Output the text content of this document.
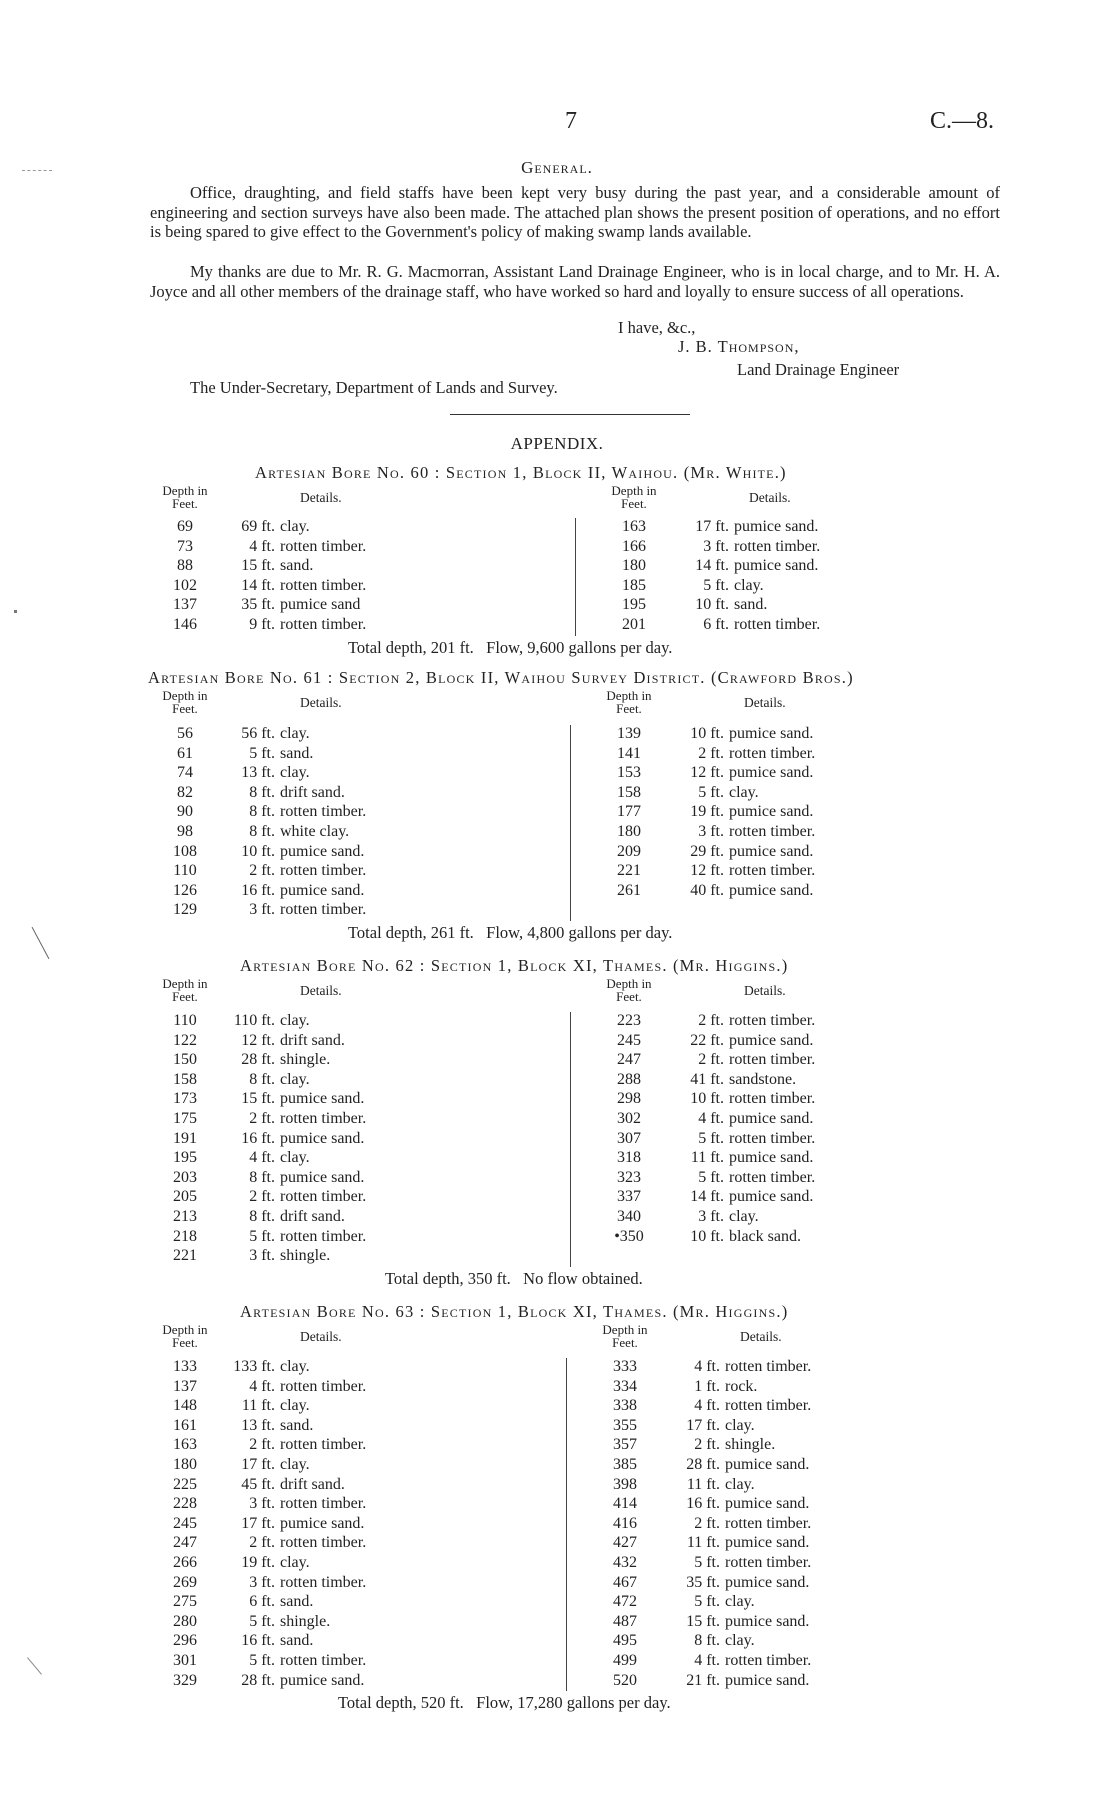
7	C.—8.
General.
Office, draughting, and field staffs have been kept very busy during the past year, and a considerable amount of engineering and section surveys have also been made. The attached plan shows the present position of operations, and no effort is being spared to give effect to the Government's policy of making swamp lands available.
My thanks are due to Mr. R. G. Macmorran, Assistant Land Drainage Engineer, who is in local charge, and to Mr. H. A. Joyce and all other members of the drainage staff, who have worked so hard and loyally to ensure success of all operations.
I have, &c.,
J. B. Thompson,
Land Drainage Engineer
The Under-Secretary, Department of Lands and Survey.
APPENDIX.
Artesian Bore No. 60 : Section 1, Block II, Waihou. (Mr. White.)
Depth in
Feet.	Details.	Depth in
Feet.	Details.
69	69 ft. clay.
73	4 ft. rotten timber.
88	15 ft. sand.
102	14 ft. rotten timber.
137	35 ft. pumice sand
146	9 ft. rotten timber.
163	17 ft. pumice sand.
166	3 ft. rotten timber.
180	14 ft. pumice sand.
185	5 ft. clay.
195	10 ft. sand.
201	6 ft. rotten timber.
Total depth, 201 ft.   Flow, 9,600 gallons per day.
Artesian Bore No. 61 : Section 2, Block II, Waihou Survey District. (Crawford Bros.)
Depth in
Feet.	Details.	Depth in
Feet.	Details.
56	56 ft. clay.
61	5 ft. sand.
74	13 ft. clay.
82	8 ft. drift sand.
90	8 ft. rotten timber.
98	8 ft. white clay.
108	10 ft. pumice sand.
110	2 ft. rotten timber.
126	16 ft. pumice sand.
129	3 ft. rotten timber.
139	10 ft. pumice sand.
141	2 ft. rotten timber.
153	12 ft. pumice sand.
158	5 ft. clay.
177	19 ft. pumice sand.
180	3 ft. rotten timber.
209	29 ft. pumice sand.
221	12 ft. rotten timber.
261	40 ft. pumice sand.
Total depth, 261 ft.   Flow, 4,800 gallons per day.
Artesian Bore No. 62 : Section 1, Block XI, Thames. (Mr. Higgins.)
Depth in
Feet.	Details.	Depth in
Feet.	Details.
110	110 ft. clay.
122	12 ft. drift sand.
150	28 ft. shingle.
158	8 ft. clay.
173	15 ft. pumice sand.
175	2 ft. rotten timber.
191	16 ft. pumice sand.
195	4 ft. clay.
203	8 ft. pumice sand.
205	2 ft. rotten timber.
213	8 ft. drift sand.
218	5 ft. rotten timber.
221	3 ft. shingle.
223	2 ft. rotten timber.
245	22 ft. pumice sand.
247	2 ft. rotten timber.
288	41 ft. sandstone.
298	10 ft. rotten timber.
302	4 ft. pumice sand.
307	5 ft. rotten timber.
318	11 ft. pumice sand.
323	5 ft. rotten timber.
337	14 ft. pumice sand.
340	3 ft. clay.
•350	10 ft. black sand.
Total depth, 350 ft.   No flow obtained.
Artesian Bore No. 63 : Section 1, Block XI, Thames. (Mr. Higgins.)
Depth in
Feet.	Details.	Depth in
Feet.	Details.
133	133 ft. clay.
137	4 ft. rotten timber.
148	11 ft. clay.
161	13 ft. sand.
163	2 ft. rotten timber.
180	17 ft. clay.
225	45 ft. drift sand.
228	3 ft. rotten timber.
245	17 ft. pumice sand.
247	2 ft. rotten timber.
266	19 ft. clay.
269	3 ft. rotten timber.
275	6 ft. sand.
280	5 ft. shingle.
296	16 ft. sand.
301	5 ft. rotten timber.
329	28 ft. pumice sand.
333	4 ft. rotten timber.
334	1 ft. rock.
338	4 ft. rotten timber.
355	17 ft. clay.
357	2 ft. shingle.
385	28 ft. pumice sand.
398	11 ft. clay.
414	16 ft. pumice sand.
416	2 ft. rotten timber.
427	11 ft. pumice sand.
432	5 ft. rotten timber.
467	35 ft. pumice sand.
472	5 ft. clay.
487	15 ft. pumice sand.
495	8 ft. clay.
499	4 ft. rotten timber.
520	21 ft. pumice sand.
Total depth, 520 ft.   Flow, 17,280 gallons per day.
